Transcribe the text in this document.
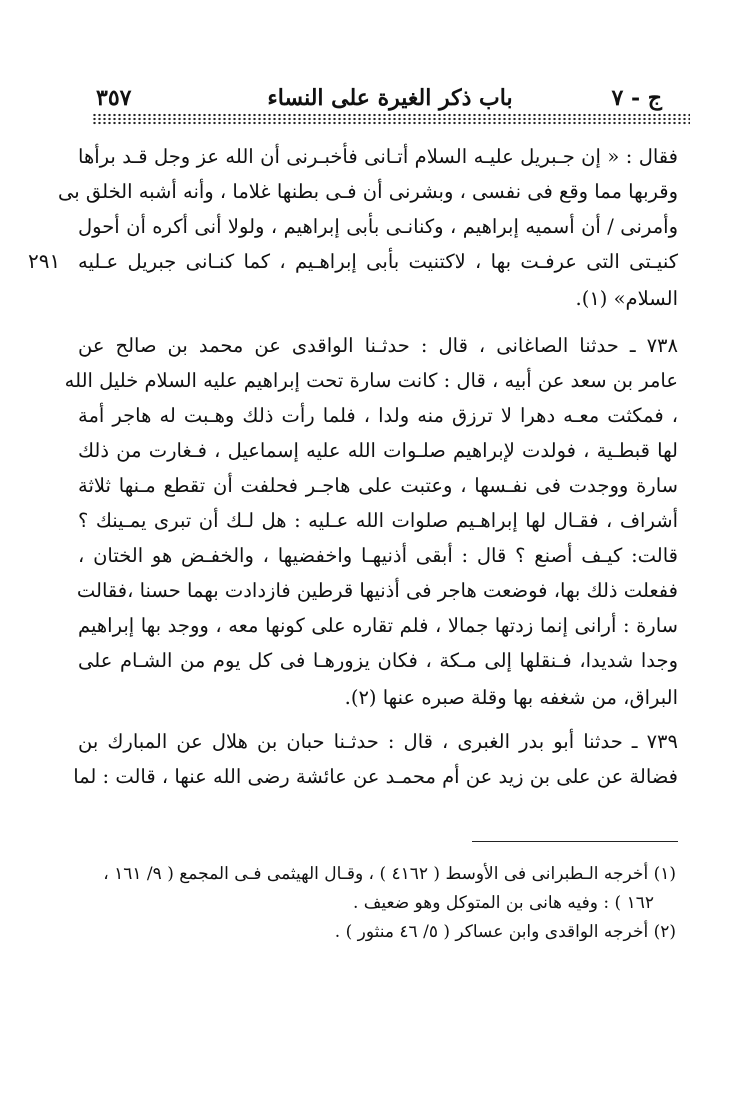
٣٥٧	باب ذكر الغيرة على النساء	ج - ٧
٢٩١
فقال : « إن جـبريل عليـه السلام أتـانى فأخبـرنى أن الله عز وجل قـد برأها
وقربها مما وقع فى نفسى ، وبشرنى أن فـى بطنها غلاما ، وأنه أشبه الخلق بى
وأمرنى / أن أسميه إبراهيم ، وكنانـى بأبى إبراهيم ، ولولا أنى أكره أن أحول
كنيـتى التى عرفـت بها ، لاكتنيت بأبى إبراهـيم ، كما كنـانى جبريل عـليه
السلام» (١).
٧٣٨ ـ حدثنا الصاغانى ، قال : حدثـنا الواقدى عن محمد بن صالح عن
عامر بن سعد عن أبيه ، قال : كانت سارة تحت إبراهيم عليه السلام خليل الله
، فمكثت معـه دهرا لا ترزق منه ولدا ، فلما رأت ذلك وهـبت له هاجر أمة
لها قبطـية ، فولدت لإبراهيم صلـوات الله عليه إسماعيل ، فـغارت من ذلك
سارة ووجدت فى نفـسها ، وعتبت على هاجـر فحلفت أن تقطع مـنها ثلاثة
أشراف ، فقـال لها إبراهـيم صلوات الله عـليه : هل لـك أن تبرى يمـينك ؟
قالت: كيـف أصنع ؟ قال : أبقى أذنيهـا واخفضيها ، والخفـض هو الختان ،
ففعلت ذلك بها، فوضعت هاجر فى أذنيها قرطين فازدادت بهما حسنا ،فقالت
سارة : أرانى إنما زدتها جمالا ، فلم تقاره على كونها معه ، ووجد بها إبراهيم
وجدا شديدا، فـنقلها إلى مـكة ، فكان يزورهـا فى كل يوم من الشـام على
البراق، من شغفه بها وقلة صبره عنها (٢).
٧٣٩ ـ حدثنا أبو بدر الغبرى ، قال : حدثـنا حبان بن هلال عن المبارك بن
فضالة عن على بن زيد عن أم محمـد عن عائشة رضى الله عنها ، قالت : لما
(١) أخرجه الـطبرانى فى الأوسط ( ٤١٦٢ ) ، وقـال الهيثمى فـى المجمع ( ٩/ ١٦١ ،
١٦٢ ) : وفيه هانى بن المتوكل وهو ضعيف .
(٢) أخرجه الواقدى وابن عساكر ( ٥/ ٤٦ منثور ) .
